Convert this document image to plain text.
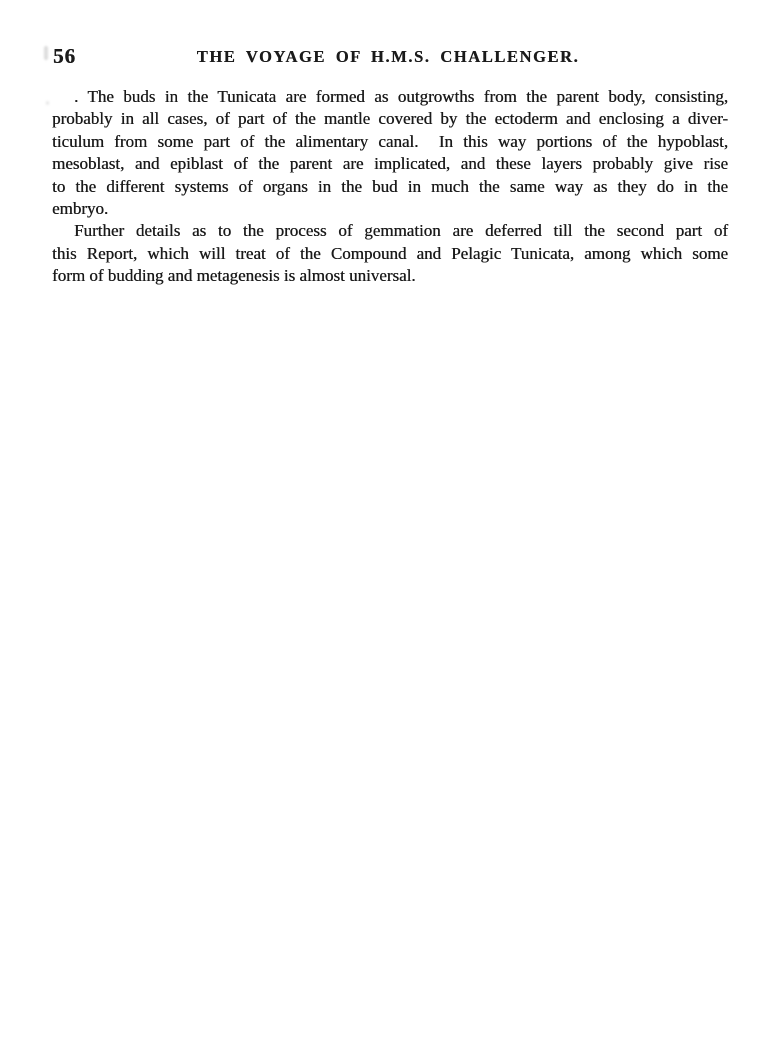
56	THE VOYAGE OF H.M.S. CHALLENGER.
. The buds in the Tunicata are formed as outgrowths from the parent body, consisting,
probably in all cases, of part of the mantle covered by the ectoderm and enclosing a diver-
ticulum from some part of the alimentary canal.  In this way portions of the hypoblast,
mesoblast, and epiblast of the parent are implicated, and these layers probably give rise
to the different systems of organs in the bud in much the same way as they do in the
embryo.
Further details as to the process of gemmation are deferred till the second part of
this Report, which will treat of the Compound and Pelagic Tunicata, among which some
form of budding and metagenesis is almost universal.
